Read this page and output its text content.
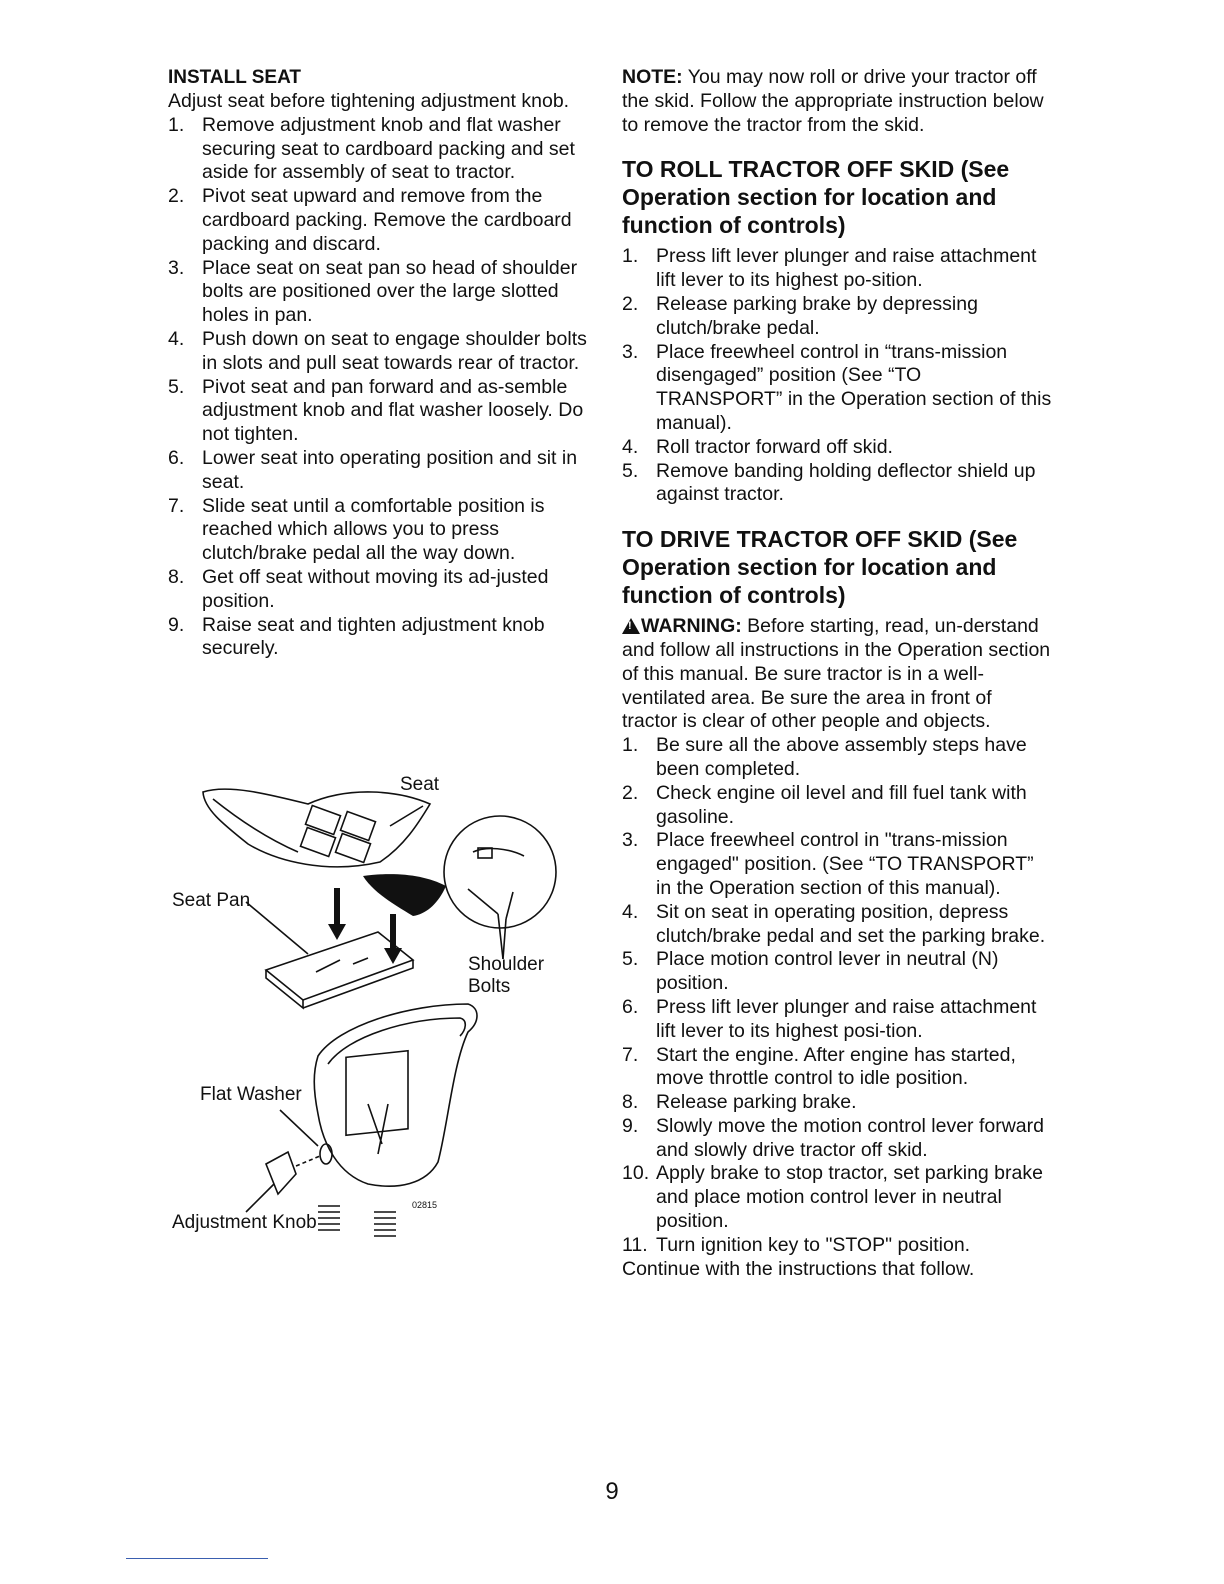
INSTALL SEAT

Adjust seat before tightening adjustment knob.

1. Remove adjustment knob and flat washer securing seat to cardboard packing and set aside for assembly of seat to tractor.
2. Pivot seat upward and remove from the cardboard packing. Remove the cardboard packing and discard.
3. Place seat on seat pan so head of shoulder bolts are positioned over the large slotted holes in pan.
4. Push down on seat to engage shoulder bolts in slots and pull seat towards rear of tractor.
5. Pivot seat and pan forward and as-semble adjustment knob and flat washer loosely. Do not tighten.
6. Lower seat into operating position and sit in seat.
7. Slide seat until a comfortable position is reached which allows you to press clutch/brake pedal all the way down.
8. Get off seat without moving its ad-justed position.
9. Raise seat and tighten adjustment knob securely.
Seat
Seat Pan
Shoulder
Bolts
Flat Washer
Adjustment Knob
02815

NOTE: You may now roll or drive your tractor off the skid. Follow the appropriate instruction below to remove the tractor from the skid.

TO ROLL TRACTOR OFF SKID (See Operation section for location and function of controls)
1. Press lift lever plunger and raise attachment lift lever to its highest po-sition.
2. Release parking brake by depressing clutch/brake pedal.
3. Place freewheel control in “trans-mission disengaged” position (See “TO TRANSPORT” in the Operation section of this manual).
4. Roll tractor forward off skid.
5. Remove banding holding deflector shield up against tractor.
TO DRIVE TRACTOR OFF SKID (See Operation section for location and function of controls)

!WARNING: Before starting, read, un-derstand and follow all instructions in the Operation section of this manual. Be sure tractor is in a well-ventilated area. Be sure the area in front of tractor is clear of other people and objects.

1. Be sure all the above assembly steps have been completed.
2. Check engine oil level and fill fuel tank with gasoline.
3. Place freewheel control in "trans-mission engaged" position. (See “TO TRANSPORT” in the Operation section of this manual).
4. Sit on seat in operating position, depress clutch/brake pedal and set the parking brake.
5. Place motion control lever in neutral (N) position.
6. Press lift lever plunger and raise attachment lift lever to its highest posi-tion.
7. Start the engine. After engine has started, move throttle control to idle position.
8. Release parking brake.
9. Slowly move the motion control lever forward and slowly drive tractor off skid.
10. Apply brake to stop tractor, set parking brake and place motion control lever in neutral position.
11. Turn ignition key to "STOP" position.

Continue with the instructions that follow.

9
